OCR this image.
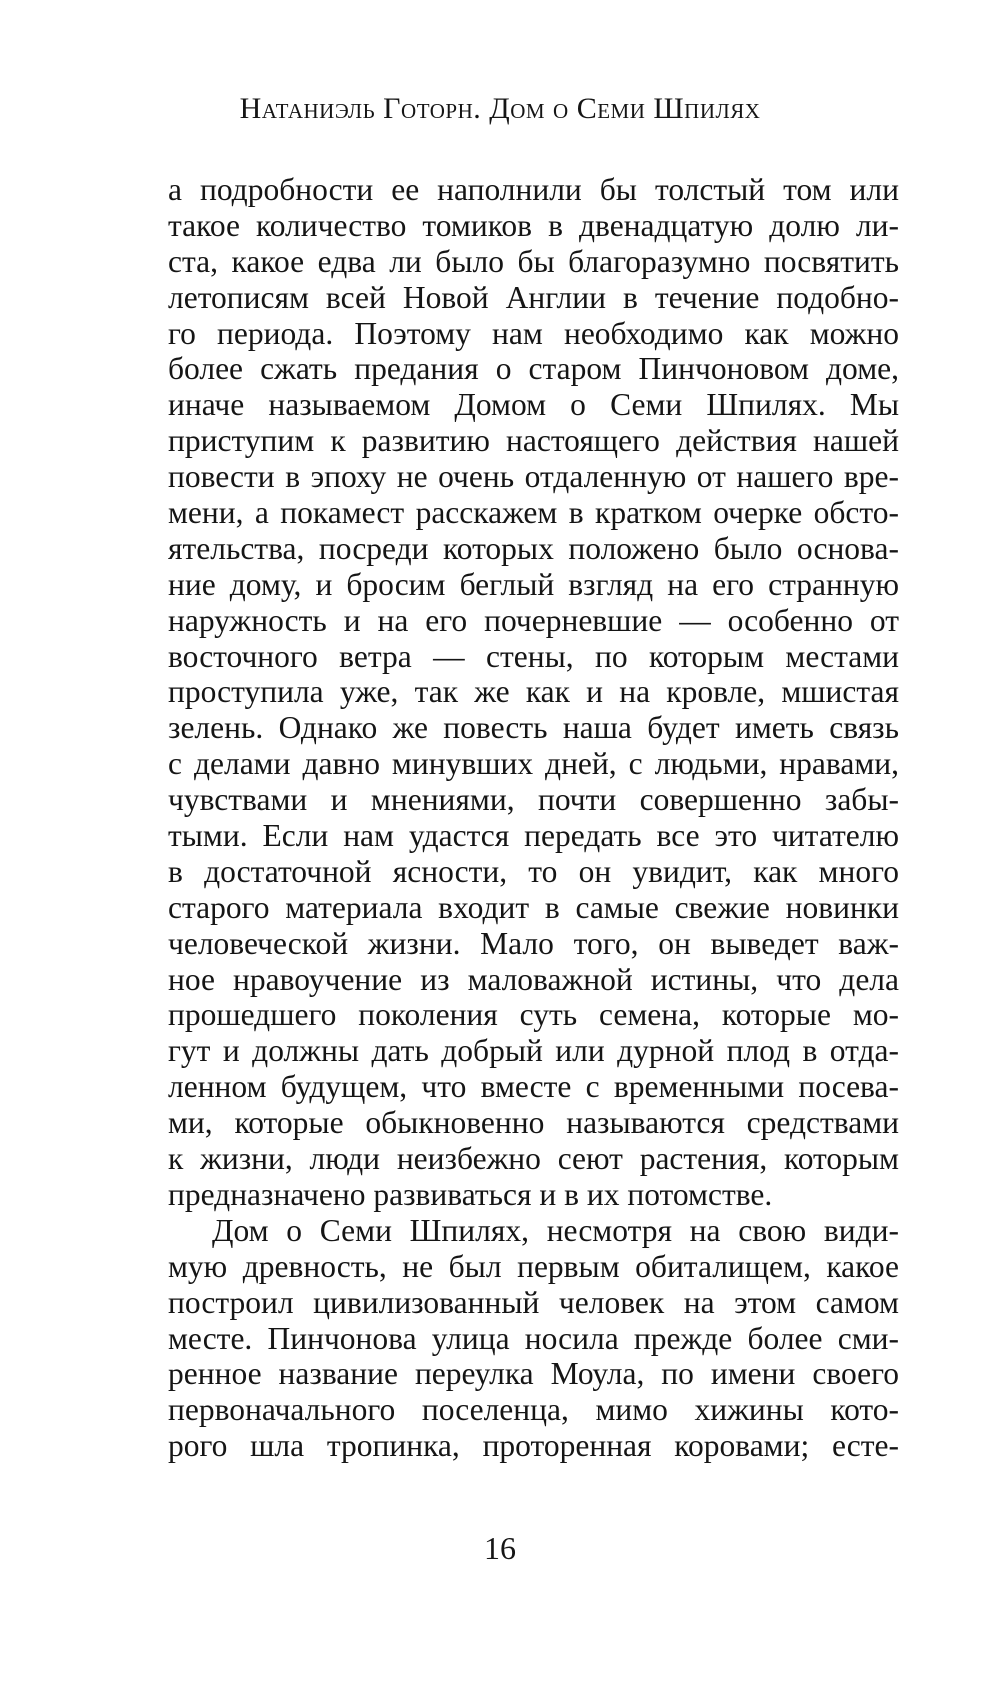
Натаниэль Готорн. Дом о Семи Шпилях
а подробности ее наполнили бы толстый том или
такое количество томиков в двенадцатую долю ли-
ста, какое едва ли было бы благоразумно посвятить
летописям всей Новой Англии в течение подобно-
го периода. Поэтому нам необходимо как можно
более сжать предания о старом Пинчоновом доме,
иначе называемом Домом о Семи Шпилях. Мы
приступим к развитию настоящего действия нашей
повести в эпоху не очень отдаленную от нашего вре-
мени, а покамест расскажем в кратком очерке обсто-
ятельства, посреди которых положено было основа-
ние дому, и бросим беглый взгляд на его странную
наружность и на его почерневшие — особенно от
восточного ветра — стены, по которым местами
проступила уже, так же как и на кровле, мшистая
зелень. Однако же повесть наша будет иметь связь
с делами давно минувших дней, с людьми, нравами,
чувствами и мнениями, почти совершенно забы-
тыми. Если нам удастся передать все это читателю
в достаточной ясности, то он увидит, как много
старого материала входит в самые свежие новинки
человеческой жизни. Мало того, он выведет важ-
ное нравоучение из маловажной истины, что дела
прошедшего поколения суть семена, которые мо-
гут и должны дать добрый или дурной плод в отда-
ленном будущем, что вместе с временными посева-
ми, которые обыкновенно называются средствами
к жизни, люди неизбежно сеют растения, которым
предназначено развиваться и в их потомстве.
Дом о Семи Шпилях, несмотря на свою види-
мую древность, не был первым обиталищем, какое
построил цивилизованный человек на этом самом
месте. Пинчонова улица носила прежде более сми-
ренное название переулка Моула, по имени своего
первоначального поселенца, мимо хижины кото-
рого шла тропинка, проторенная коровами; есте-
16
